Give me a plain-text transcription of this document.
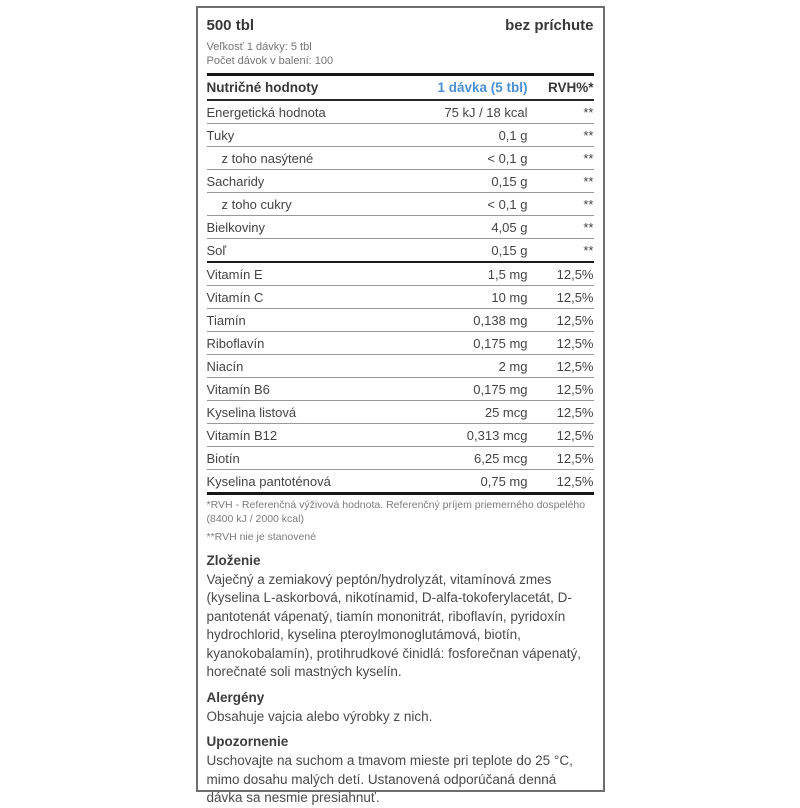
500 tbl	bez príchute
Veľkosť 1 dávky: 5 tbl
Počet dávok v balení: 100
Nutričné hodnoty	1 dávka (5 tbl)	RVH%*
Energetická hodnota	75 kJ / 18 kcal	**
Tuky	0,1 g	**
z toho nasýtené	< 0,1 g	**
Sacharidy	0,15 g	**
z toho cukry	< 0,1 g	**
Bielkoviny	4,05 g	**
Soľ	0,15 g	**
Vitamín E	1,5 mg	12,5%
Vitamín C	10 mg	12,5%
Tiamín	0,138 mg	12,5%
Riboflavín	0,175 mg	12,5%
Niacín	2 mg	12,5%
Vitamín B6	0,175 mg	12,5%
Kyselina listová	25 mcg	12,5%
Vitamín B12	0,313 mcg	12,5%
Biotín	6,25 mcg	12,5%
Kyselina pantoténová	0,75 mg	12,5%
*RVH - Referenčná výživová hodnota. Referenčný príjem priemerného dospelého (8400 kJ / 2000 kcal)
**RVH nie je stanovené
Zloženie
Vaječný a zemiakový peptón/hydrolyzát, vitamínová zmes (kyselina L-askorbová, nikotínamid, D-alfa-tokoferylacetát, D-pantotenát vápenatý, tiamín mononitrát, riboflavín, pyridoxín hydrochlorid, kyselina pteroylmonoglutámová, biotín, kyanokobalamín), protihrudkové činidlá: fosforečnan vápenatý, horečnaté soli mastných kyselín.
Alergény
Obsahuje vajcia alebo výrobky z nich.
Upozornenie
Uschovajte na suchom a tmavom mieste pri teplote do 25 °C, mimo dosahu malých detí. Ustanovená odporúčaná denná dávka sa nesmie presiahnuť.
